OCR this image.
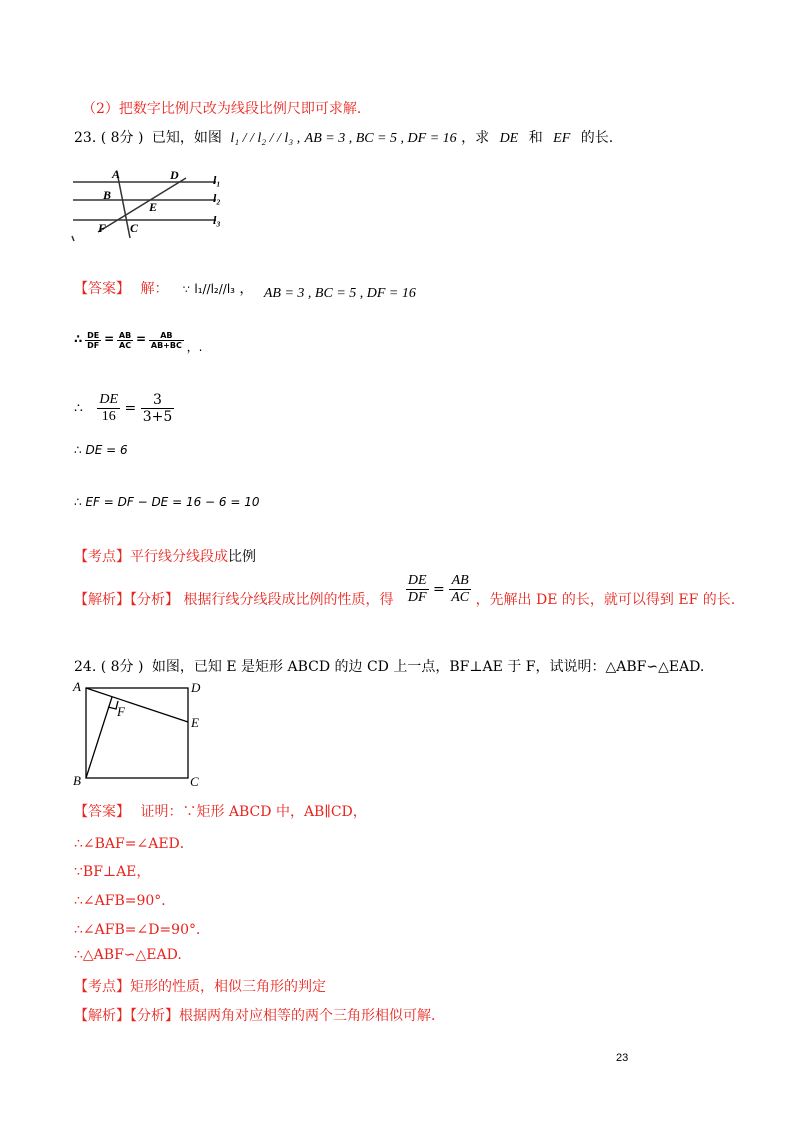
（2）把数字比例尺改为线段比例尺即可求解．
23. ( 8分 ) 已知，如图 l₁ / / l₂ / / l₃ , AB = 3 , BC = 5 , DF = 16 ，求 DE 和 EF 的长.
A	D
B
E
F C
l₁
l₂
l₃
【答案】 解： ∵ l₁//l₂//l₃ ， AB = 3 , BC = 5 , DF = 16
∴ $\frac{DE}{DF} = \frac{AB}{AC} = \frac{AB}{AB+BC}$ ，.
∴ $\frac{DE}{16} = \frac{3}{3+5}$
∴ DE = 6
∴ EF = DF − DE = 16 − 6 = 10
【考点】平行线分线段成比例
【解析】【分析】 根据行线分线段成比例的性质，得 $\frac{DE}{DF} = \frac{AB}{AC}$ ，先解出 DE 的长，就可以得到 EF 的长.
24. ( 8分 ) 如图，已知 E 是矩形 ABCD 的边 CD 上一点，BF⊥AE 于 F，试说明：△ABF∽△EAD.
A	D
F
E
B	C
【答案】 证明：∵矩形 ABCD 中，AB∥CD，
∴∠BAF=∠AED．
∵BF⊥AE，
∴∠AFB=90°．
∴∠AFB=∠D=90°．
∴△ABF∽△EAD.
【考点】矩形的性质，相似三角形的判定
【解析】【分析】根据两角对应相等的两个三角形相似可解．
23
